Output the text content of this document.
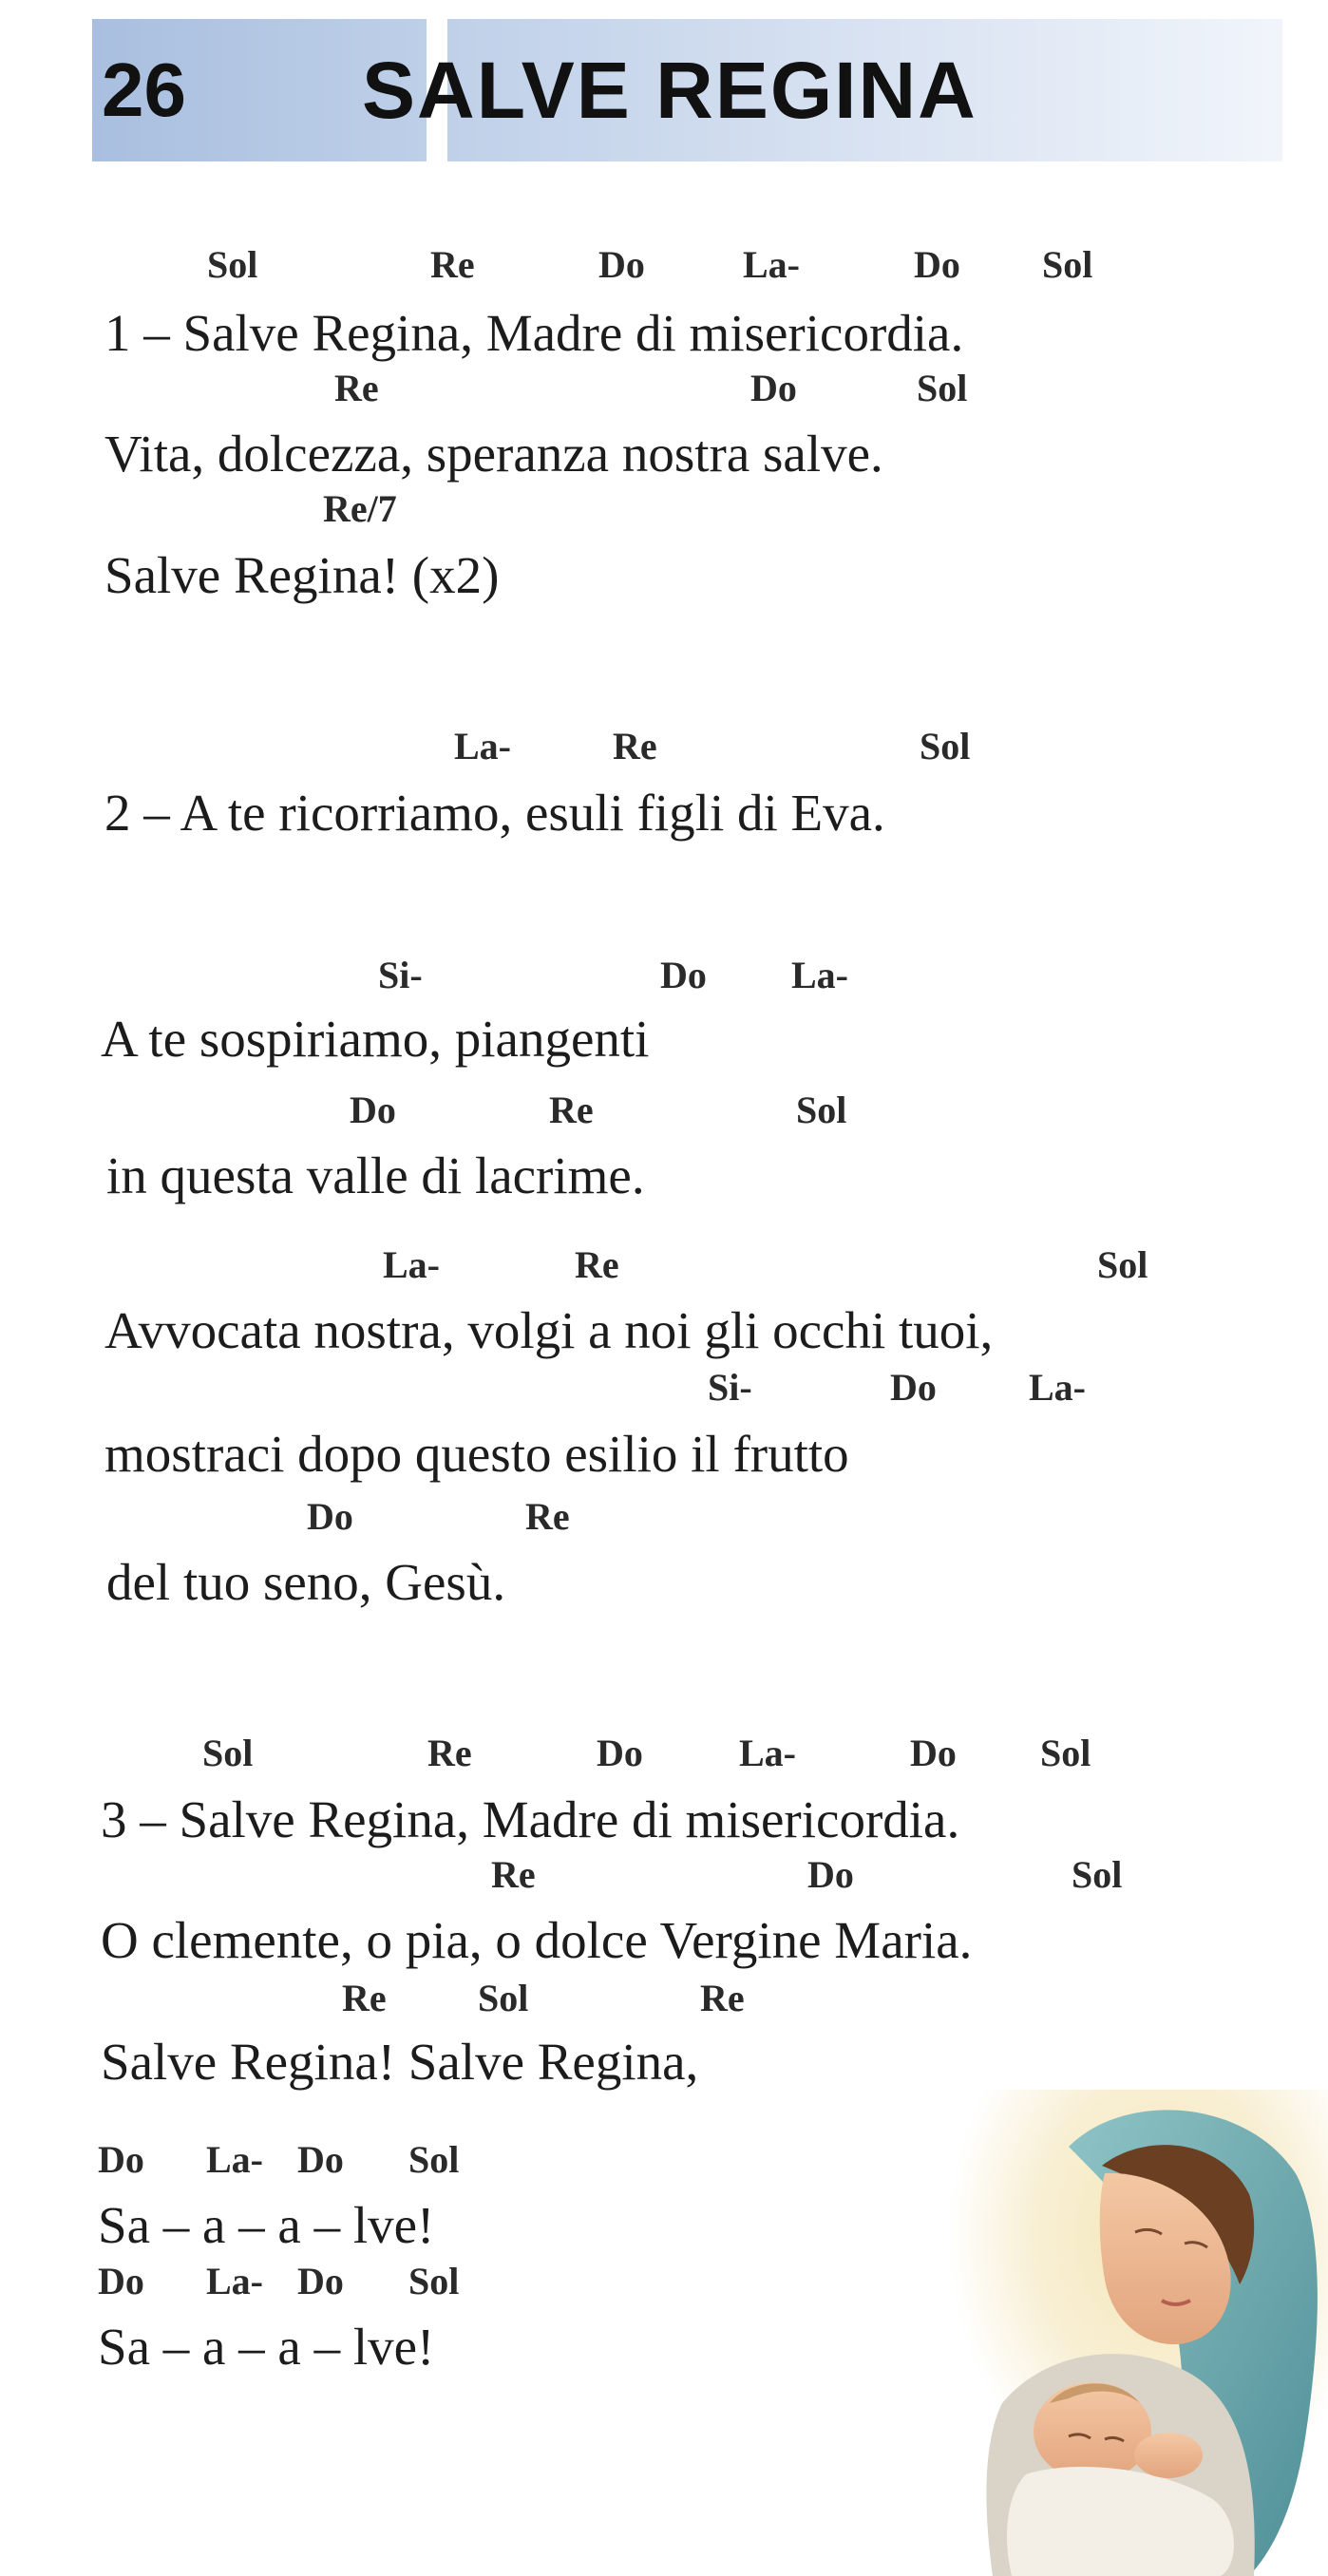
26 SALVE REGINA
Sol	Re	Do	La-	Do Sol
1 – Salve Regina, Madre di misericordia.
Re	Do	Sol
Vita, dolcezza, speranza nostra salve.
Re/7
Salve Regina! (x2)
La-	Re	Sol
2 – A te ricorriamo, esuli figli di Eva.
Si-	Do La-
A te sospiriamo, piangenti
Do	Re	Sol
in questa valle di lacrime.
La-	Re	Sol
Avvocata nostra, volgi a noi gli occhi tuoi,
Si-	Do La-
mostraci dopo questo esilio il frutto
Do	Re
del tuo seno, Gesù.
Sol	Re	Do	La-	Do Sol
3 – Salve Regina, Madre di misericordia.
Re	Do	Sol
O clemente, o pia, o dolce Vergine Maria.
Re Sol	Re
Salve Regina! Salve Regina,
Do La- Do Sol
Sa – a – a – lve!
Do La- Do Sol
Sa – a – a – lve!
